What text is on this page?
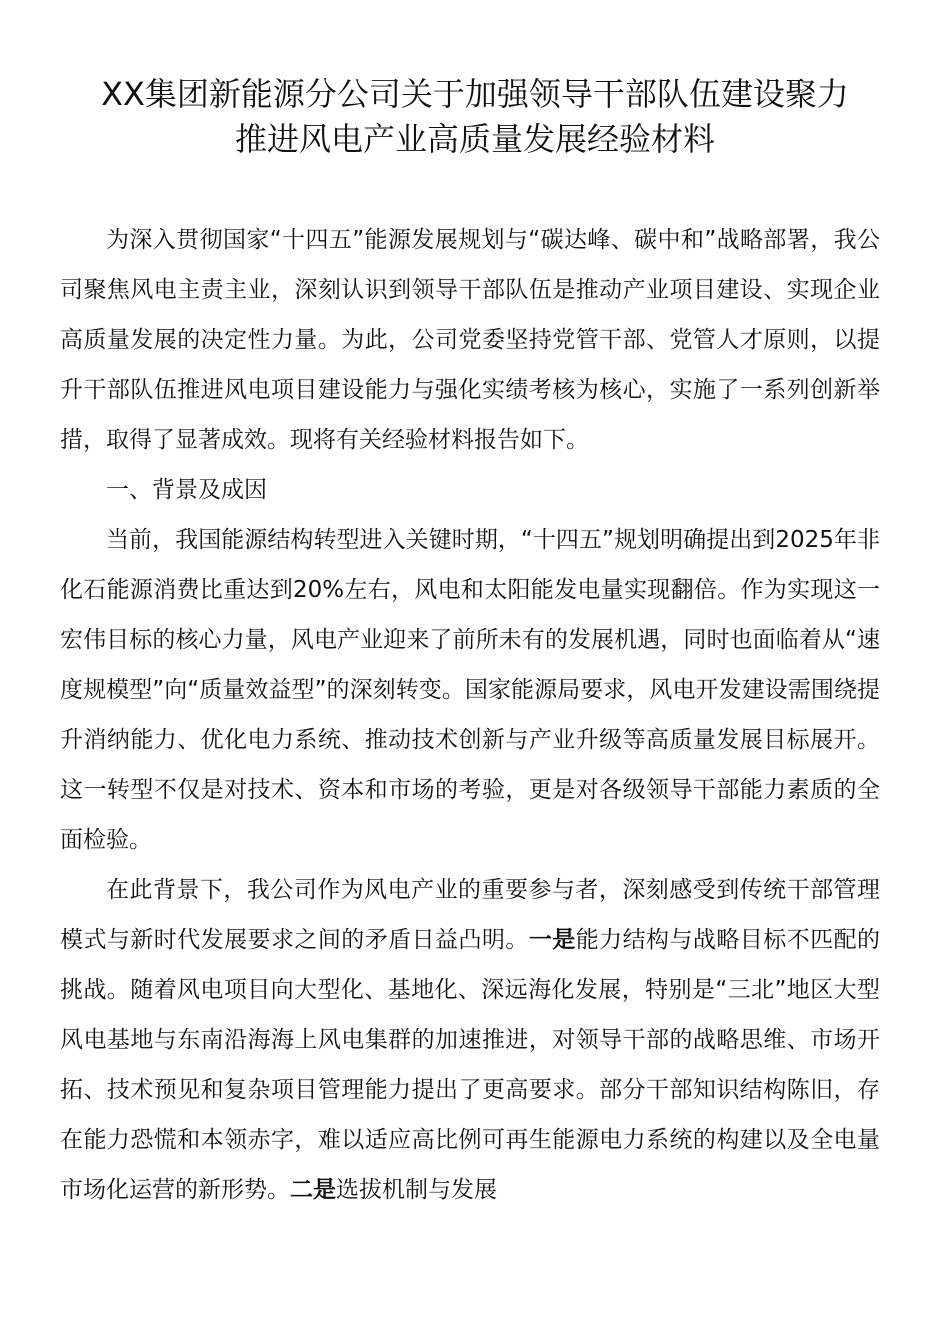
XX集团新能源分公司关于加强领导干部队伍建设聚力
推进风电产业高质量发展经验材料

为深入贯彻国家“十四五”能源发展规划与“碳达峰、碳中和”战略部署，我公司聚焦风电主责主业，深刻认识到领导干部队伍是推动产业项目建设、实现企业高质量发展的决定性力量。为此，公司党委坚持党管干部、党管人才原则，以提升干部队伍推进风电项目建设能力与强化实绩考核为核心，实施了一系列创新举措，取得了显著成效。现将有关经验材料报告如下。

一、背景及成因

当前，我国能源结构转型进入关键时期，“十四五”规划明确提出到2025年非化石能源消费比重达到20%左右，风电和太阳能发电量实现翻倍。作为实现这一宏伟目标的核心力量，风电产业迎来了前所未有的发展机遇，同时也面临着从“速度规模型”向“质量效益型”的深刻转变。国家能源局要求，风电开发建设需围绕提升消纳能力、优化电力系统、推动技术创新与产业升级等高质量发展目标展开。这一转型不仅是对技术、资本和市场的考验，更是对各级领导干部能力素质的全面检验。

在此背景下，我公司作为风电产业的重要参与者，深刻感受到传统干部管理模式与新时代发展要求之间的矛盾日益凸明。一是能力结构与战略目标不匹配的挑战。随着风电项目向大型化、基地化、深远海化发展，特别是“三北”地区大型风电基地与东南沿海海上风电集群的加速推进，对领导干部的战略思维、市场开拓、技术预见和复杂项目管理能力提出了更高要求。部分干部知识结构陈旧，存在能力恐慌和本领赤字，难以适应高比例可再生能源电力系统的构建以及全电量市场化运营的新形势。二是选拔机制与发展
